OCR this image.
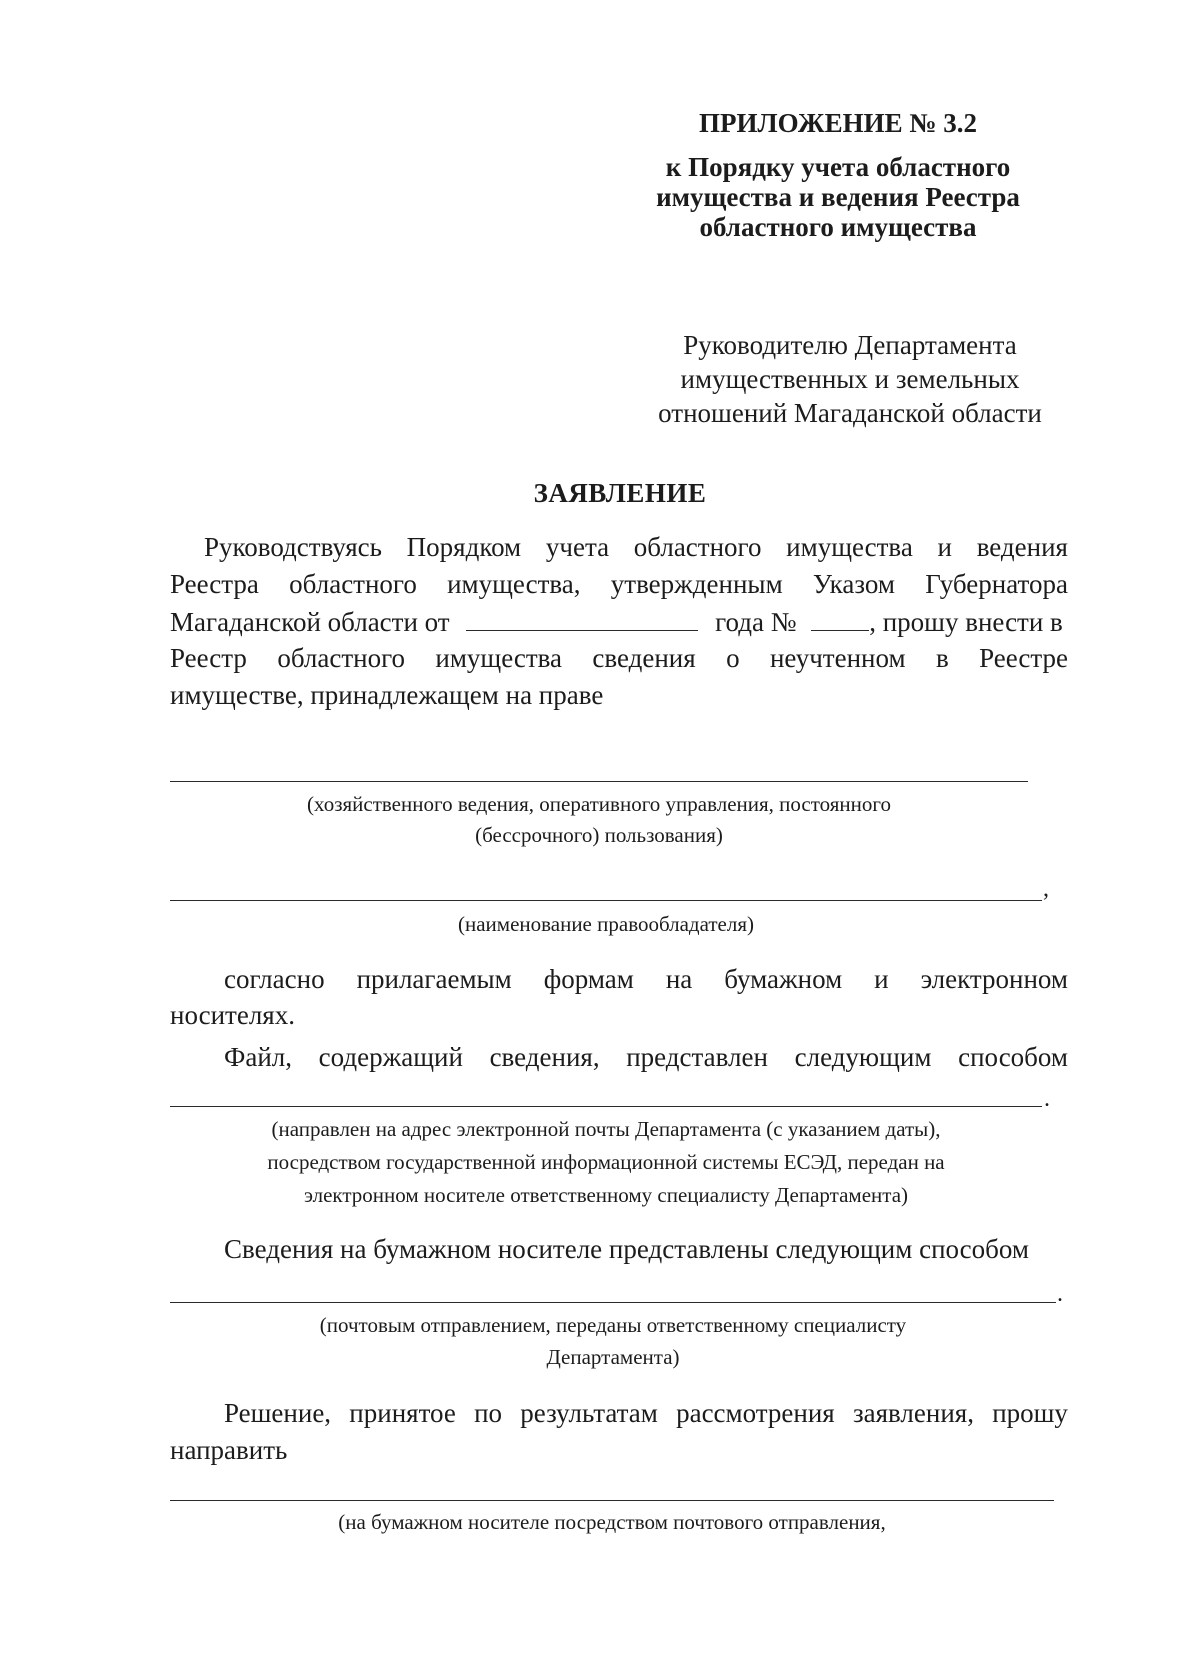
ПРИЛОЖЕНИЕ № 3.2
к Порядку учета областного
имущества и ведения Реестра
областного имущества
Руководителю Департамента
имущественных и земельных
отношений Магаданской области
ЗАЯВЛЕНИЕ
Руководствуясь Порядком учета областного имущества и ведения
Реестра областного имущества, утвержденным Указом Губернатора
Магаданской области от	года №	, прошу внести в
Реестр областного имущества сведения о неучтенном в Реестре
имуществе, принадлежащем на праве
(хозяйственного ведения, оперативного управления, постоянного
(бессрочного) пользования)
,
(наименование правообладателя)
согласно прилагаемым формам на бумажном и электронном
носителях.
Файл, содержащий сведения, представлен следующим способом
.
(направлен на адрес электронной почты Департамента (с указанием даты),
посредством государственной информационной системы ЕСЭД, передан на
электронном носителе ответственному специалисту Департамента)
Сведения на бумажном носителе представлены следующим способом
.
(почтовым отправлением, переданы ответственному специалисту
Департамента)
Решение, принятое по результатам рассмотрения заявления, прошу
направить
(на бумажном носителе посредством почтового отправления,
